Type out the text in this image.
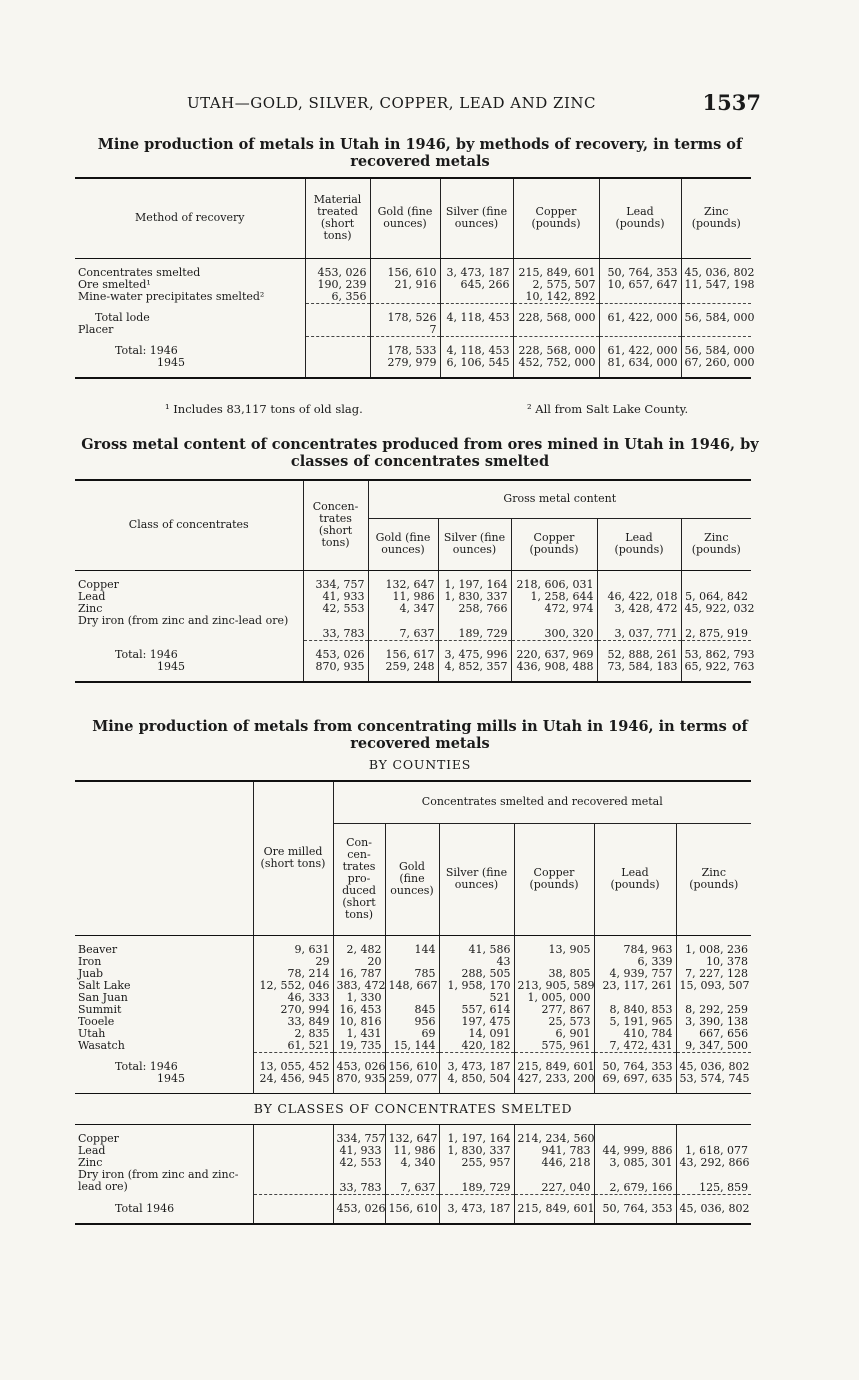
UTAH—GOLD, SILVER, COPPER, LEAD AND ZINC	1537
Mine production of metals in Utah in 1946, by methods of recovery, in terms of recovered metals
Method of recovery	Material treated (short tons)	Gold (fine ounces)	Silver (fine ounces)	Copper (pounds)	Lead (pounds)	Zinc (pounds)

Concentrates smelted	453, 026	156, 610	3, 473, 187	215, 849, 601	50, 764, 353	45, 036, 802
Ore smelted¹	190, 239	21, 916	645, 266	2, 575, 507	10, 657, 647	11, 547, 198
Mine-water precipitates smelted²	6, 356			10, 142, 892		

Total lode		178, 526	4, 118, 453	228, 568, 000	61, 422, 000	56, 584, 000
Placer		7				

Total: 1946		178, 533	4, 118, 453	228, 568, 000	61, 422, 000	56, 584, 000
1945		279, 979	6, 106, 545	452, 752, 000	81, 634, 000	67, 260, 000

¹ Includes 83,117 tons of old slag.	² All from Salt Lake County.
Gross metal content of concentrates produced from ores mined in Utah in 1946, by classes of concentrates smelted
Class of concentrates	Concen-trates (short tons)	Gross metal content				
		Gold (fine ounces)	Silver (fine ounces)	Copper (pounds)	Lead (pounds)	Zinc (pounds)

Copper	334, 757	132, 647	1, 197, 164	218, 606, 031		
Lead	41, 933	11, 986	1, 830, 337	1, 258, 644	46, 422, 018	5, 064, 842
Zinc	42, 553	4, 347	258, 766	472, 974	3, 428, 472	45, 922, 032
Dry iron (from zinc and zinc-lead ore)	33, 783	7, 637	189, 729	300, 320	3, 037, 771	2, 875, 919

Total: 1946	453, 026	156, 617	3, 475, 996	220, 637, 969	52, 888, 261	53, 862, 793
1945	870, 935	259, 248	4, 852, 357	436, 908, 488	73, 584, 183	65, 922, 763

Mine production of metals from concentrating mills in Utah in 1946, in terms of recovered metals
BY COUNTIES
	Ore milled (short tons)	Concentrates smelted and recovered metal					
		Con-cen-trates pro-duced (short tons)	Gold (fine ounces)	Silver (fine ounces)	Copper (pounds)	Lead (pounds)	Zinc (pounds)

Beaver	9, 631	2, 482	144	41, 586	13, 905	784, 963	1, 008, 236
Iron	29	20		43		6, 339	10, 378
Juab	78, 214	16, 787	785	288, 505	38, 805	4, 939, 757	7, 227, 128
Salt Lake	12, 552, 046	383, 472	148, 667	1, 958, 170	213, 905, 589	23, 117, 261	15, 093, 507
San Juan	46, 333	1, 330		521	1, 005, 000		
Summit	270, 994	16, 453	845	557, 614	277, 867	8, 840, 853	8, 292, 259
Tooele	33, 849	10, 816	956	197, 475	25, 573	5, 191, 965	3, 390, 138
Utah	2, 835	1, 431	69	14, 091	6, 901	410, 784	667, 656
Wasatch	61, 521	19, 735	15, 144	420, 182	575, 961	7, 472, 431	9, 347, 500

Total: 1946	13, 055, 452	453, 026	156, 610	3, 473, 187	215, 849, 601	50, 764, 353	45, 036, 802
1945	24, 456, 945	870, 935	259, 077	4, 850, 504	427, 233, 200	69, 697, 635	53, 574, 745

BY CLASSES OF CONCENTRATES SMELTED							

Copper		334, 757	132, 647	1, 197, 164	214, 234, 560		
Lead		41, 933	11, 986	1, 830, 337	941, 783	44, 999, 886	1, 618, 077
Zinc		42, 553	4, 340	255, 957	446, 218	3, 085, 301	43, 292, 866
Dry iron (from zinc and zinc-lead ore)		33, 783	7, 637	189, 729	227, 040	2, 679, 166	125, 859

Total 1946		453, 026	156, 610	3, 473, 187	215, 849, 601	50, 764, 353	45, 036, 802
